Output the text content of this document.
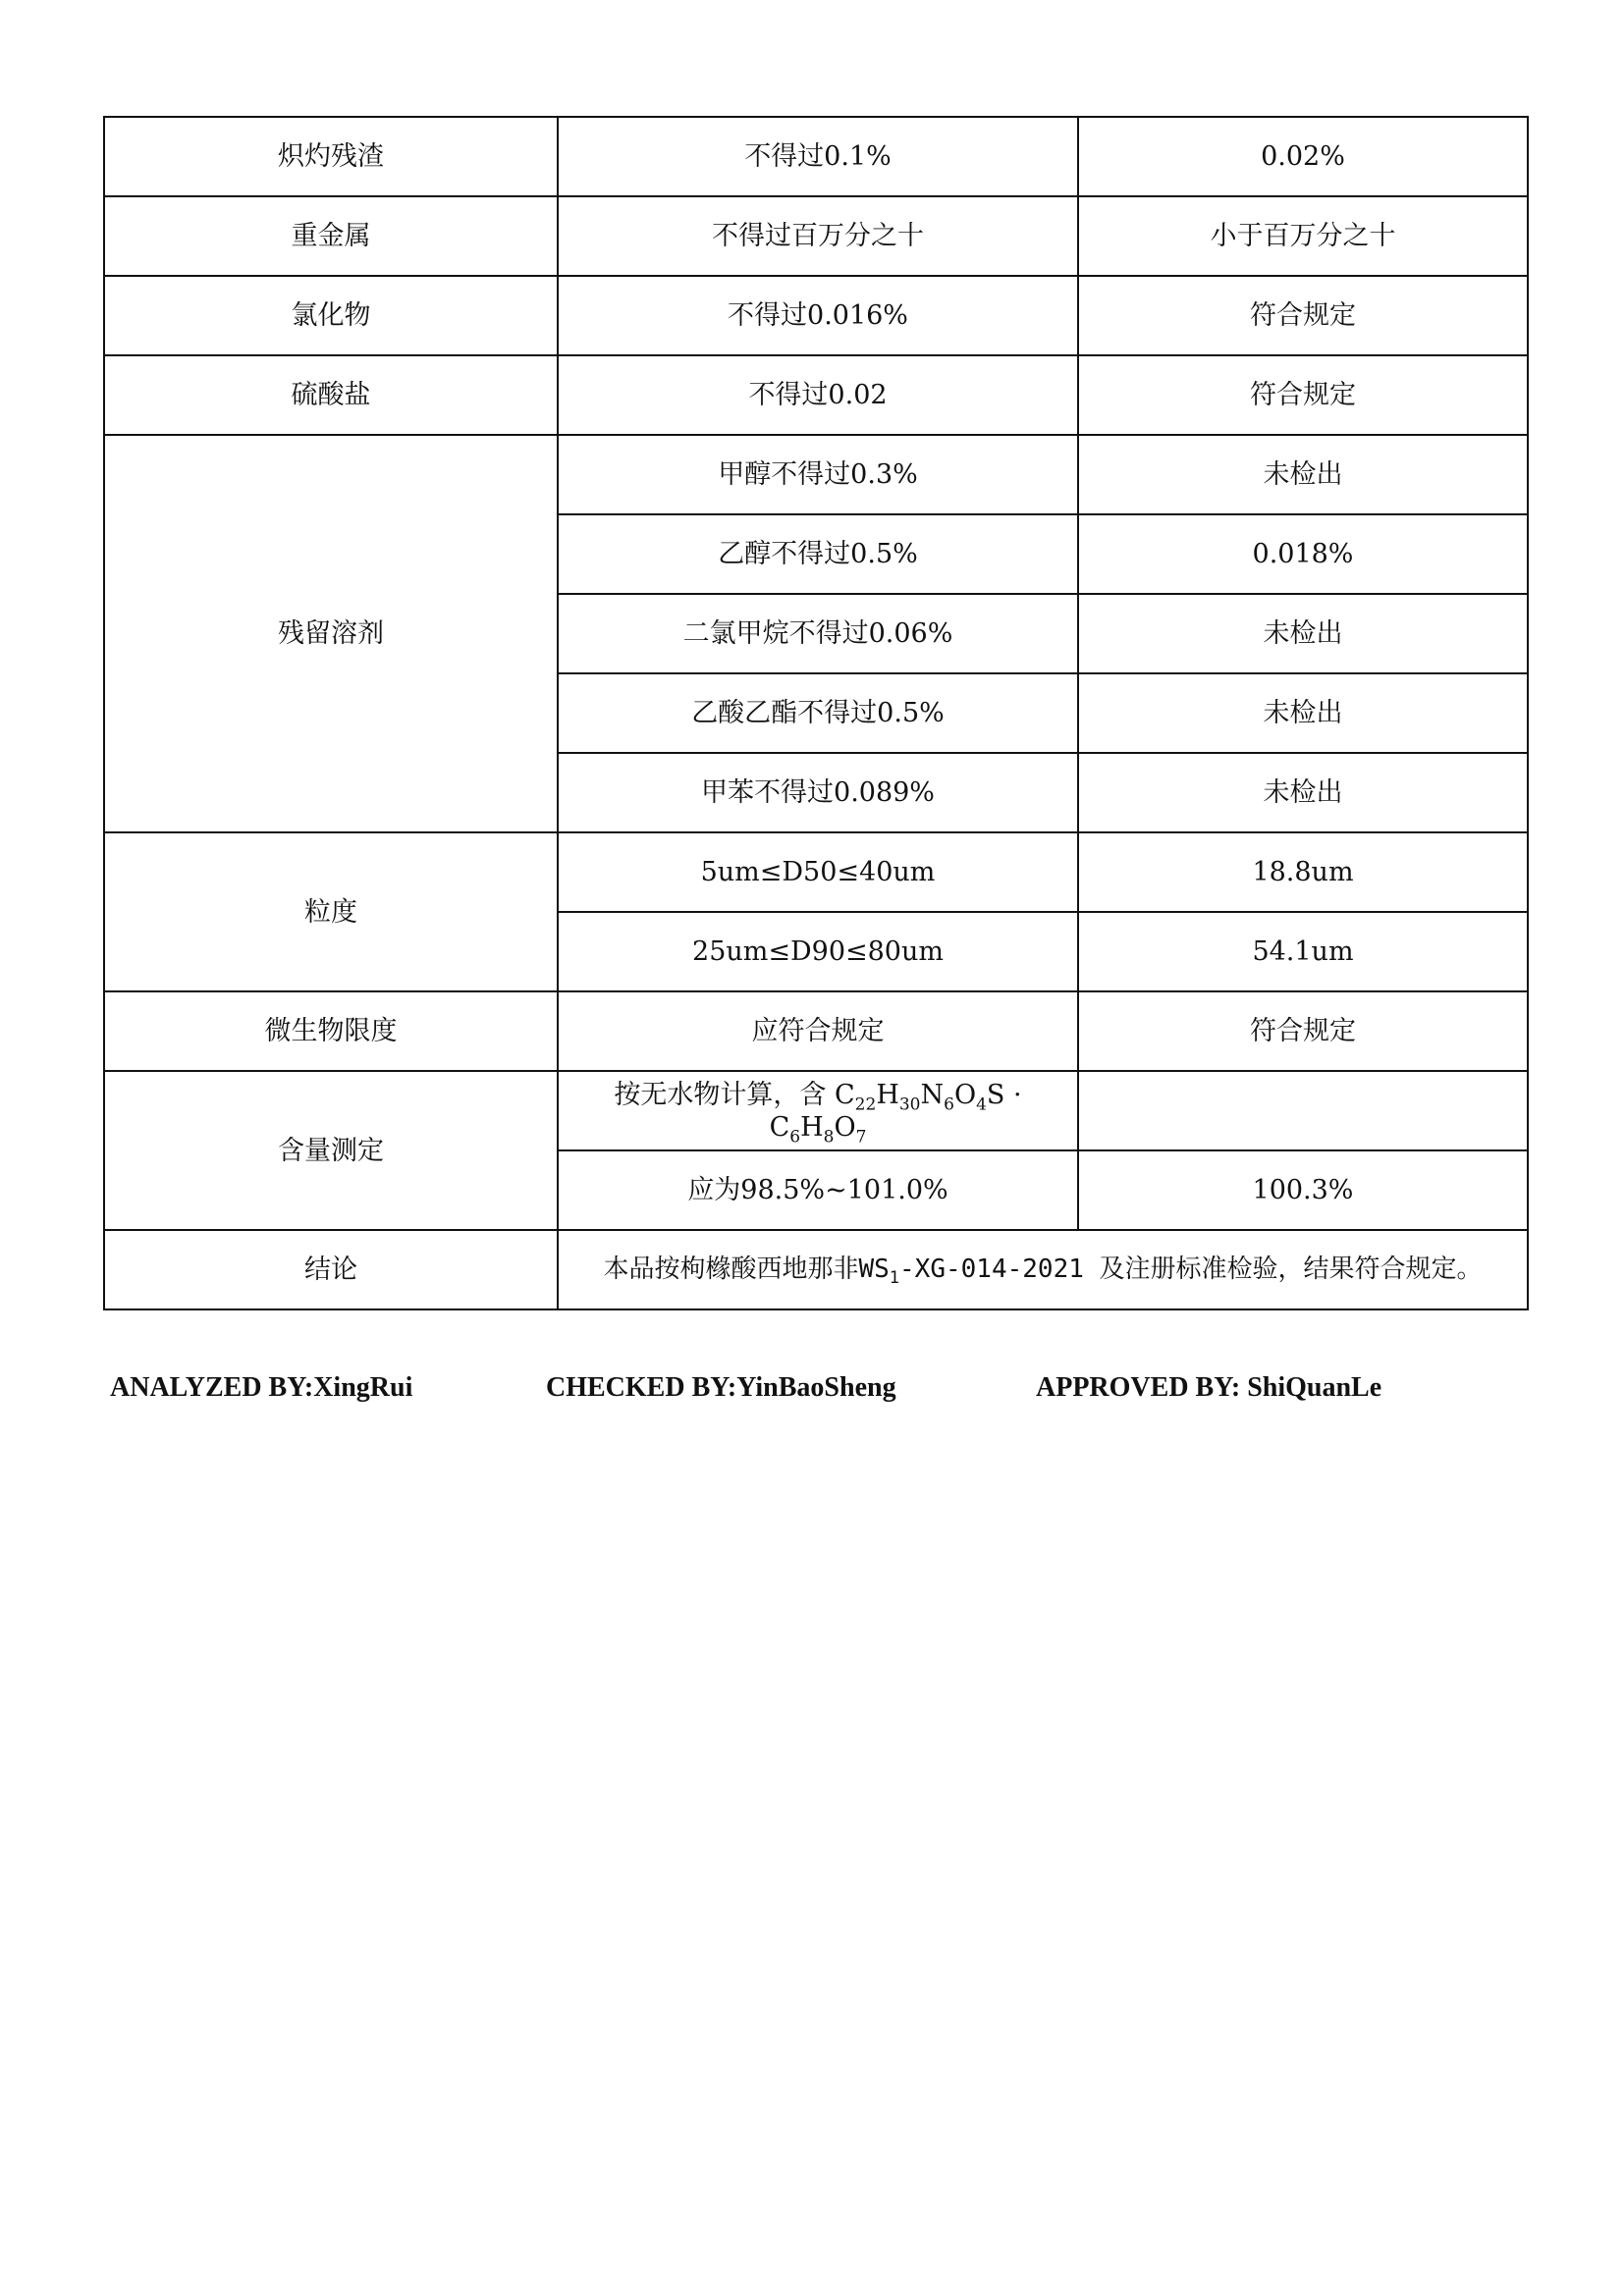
炽灼残渣	不得过0.1%	0.02%
重金属	不得过百万分之十	小于百万分之十
氯化物	不得过0.016%	符合规定
硫酸盐	不得过0.02	符合规定
残留溶剂	甲醇不得过0.3%	未检出
	乙醇不得过0.5%	0.018%
	二氯甲烷不得过0.06%	未检出
	乙酸乙酯不得过0.5%	未检出
	甲苯不得过0.089%	未检出
粒度	5um≤D50≤40um	18.8um
	25um≤D90≤80um	54.1um
微生物限度	应符合规定	符合规定
含量测定	按无水物计算，含 $C_{22}H_{30}N_6O_4S$ ·
$C_6H_8O_7$	
	应为98.5%~101.0%	100.3%
结论	本品按枸橼酸西地那非$WS_1-XG-014-2021$ 及注册标准检验，结果符合规定。	
ANALYZED BY:XingRui	CHECKED BY:YinBaoSheng	APPROVED BY: ShiQuanLe
